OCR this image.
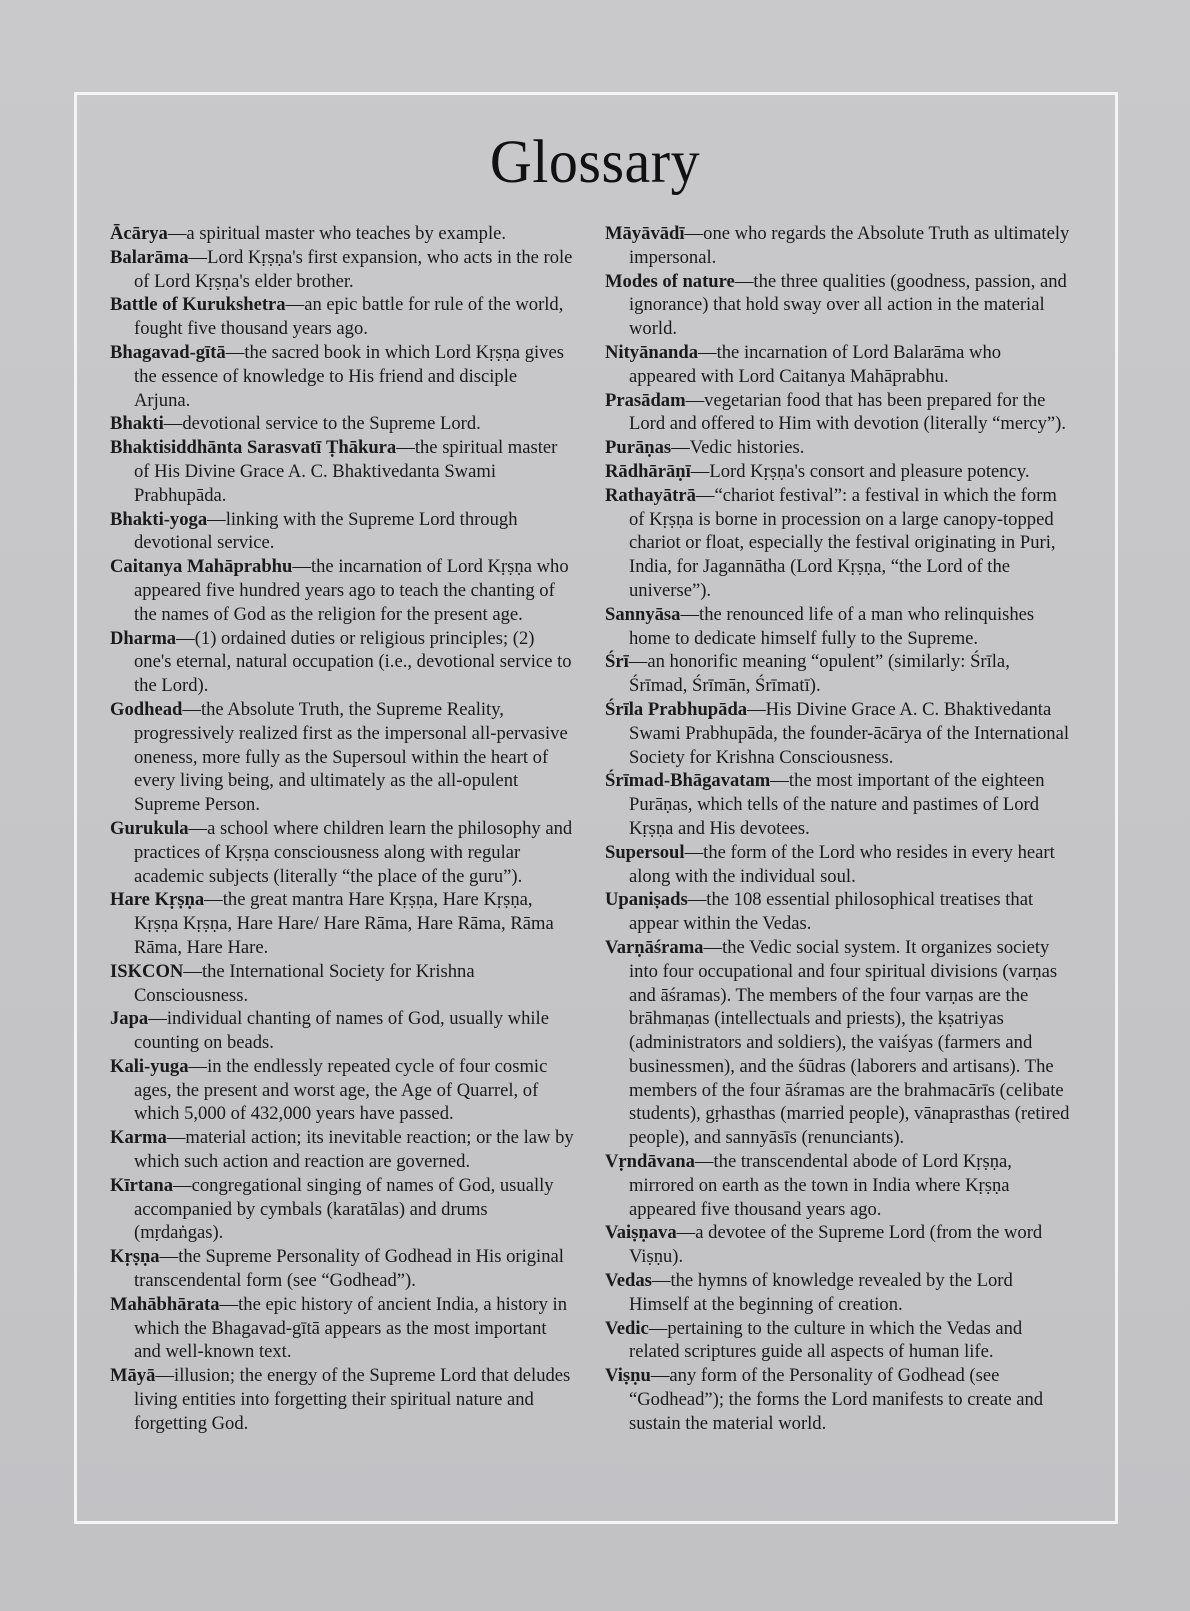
Glossary

Ācārya—a spiritual master who teaches by example.

Balarāma—Lord Kṛṣṇa's first expansion, who acts in the role of Lord Kṛṣṇa's elder brother.

Battle of Kurukshetra—an epic battle for rule of the world, fought five thousand years ago.

Bhagavad-gītā—the sacred book in which Lord Kṛṣṇa gives the essence of knowledge to His friend and disciple Arjuna.

Bhakti—devotional service to the Supreme Lord.

Bhaktisiddhānta Sarasvatī Ṭhākura—the spiritual master of His Divine Grace A. C. Bhaktivedanta Swami Prabhupāda.

Bhakti-yoga—linking with the Supreme Lord through devotional service.

Caitanya Mahāprabhu—the incarnation of Lord Kṛṣṇa who appeared five hundred years ago to teach the chanting of the names of God as the religion for the present age.

Dharma—(1) ordained duties or religious principles; (2) one's eternal, natural occupation (i.e., devotional service to the Lord).

Godhead—the Absolute Truth, the Supreme Reality, progressively realized first as the impersonal all-pervasive oneness, more fully as the Supersoul within the heart of every living being, and ultimately as the all-opulent Supreme Person.

Gurukula—a school where children learn the philosophy and practices of Kṛṣṇa consciousness along with regular academic subjects (literally “the place of the guru”).

Hare Kṛṣṇa—the great mantra Hare Kṛṣṇa, Hare Kṛṣṇa, Kṛṣṇa Kṛṣṇa, Hare Hare/ Hare Rāma, Hare Rāma, Rāma Rāma, Hare Hare.

ISKCON—the International Society for Krishna Consciousness.

Japa—individual chanting of names of God, usually while counting on beads.

Kali-yuga—in the endlessly repeated cycle of four cosmic ages, the present and worst age, the Age of Quarrel, of which 5,000 of 432,000 years have passed.

Karma—material action; its inevitable reaction; or the law by which such action and reaction are governed.

Kīrtana—congregational singing of names of God, usually accompanied by cymbals (karatālas) and drums (mṛdaṅgas).

Kṛṣṇa—the Supreme Personality of Godhead in His original transcendental form (see “Godhead”).

Mahābhārata—the epic history of ancient India, a history in which the Bhagavad-gītā appears as the most important and well-known text.

Māyā—illusion; the energy of the Supreme Lord that deludes living entities into forgetting their spiritual nature and forgetting God.

Māyāvādī—one who regards the Absolute Truth as ultimately impersonal.

Modes of nature—the three qualities (goodness, passion, and ignorance) that hold sway over all action in the material world.

Nityānanda—the incarnation of Lord Balarāma who appeared with Lord Caitanya Mahāprabhu.

Prasādam—vegetarian food that has been prepared for the Lord and offered to Him with devotion (literally “mercy”).

Purāṇas—Vedic histories.

Rādhārāṇī—Lord Kṛṣṇa's consort and pleasure potency.

Rathayātrā—“chariot festival”: a festival in which the form of Kṛṣṇa is borne in procession on a large canopy-topped chariot or float, especially the festival originating in Puri, India, for Jagannātha (Lord Kṛṣṇa, “the Lord of the universe”).

Sannyāsa—the renounced life of a man who relinquishes home to dedicate himself fully to the Supreme.

Śrī—an honorific meaning “opulent” (similarly: Śrīla, Śrīmad, Śrīmān, Śrīmatī).

Śrīla Prabhupāda—His Divine Grace A. C. Bhaktivedanta Swami Prabhupāda, the founder-ācārya of the International Society for Krishna Consciousness.

Śrīmad-Bhāgavatam—the most important of the eighteen Purāṇas, which tells of the nature and pastimes of Lord Kṛṣṇa and His devotees.

Supersoul—the form of the Lord who resides in every heart along with the individual soul.

Upaniṣads—the 108 essential philosophical treatises that appear within the Vedas.

Varṇāśrama—the Vedic social system. It organizes society into four occupational and four spiritual divisions (varṇas and āśramas). The members of the four varṇas are the brāhmaṇas (intellectuals and priests), the kṣatriyas (administrators and soldiers), the vaiśyas (farmers and businessmen), and the śūdras (laborers and artisans). The members of the four āśramas are the brahmacārīs (celibate students), gṛhasthas (married people), vānaprasthas (retired people), and sannyāsīs (renunciants).

Vṛndāvana—the transcendental abode of Lord Kṛṣṇa, mirrored on earth as the town in India where Kṛṣṇa appeared five thousand years ago.

Vaiṣṇava—a devotee of the Supreme Lord (from the word Viṣṇu).

Vedas—the hymns of knowledge revealed by the Lord Himself at the beginning of creation.

Vedic—pertaining to the culture in which the Vedas and related scriptures guide all aspects of human life.

Viṣṇu—any form of the Personality of Godhead (see “Godhead”); the forms the Lord manifests to create and sustain the material world.
